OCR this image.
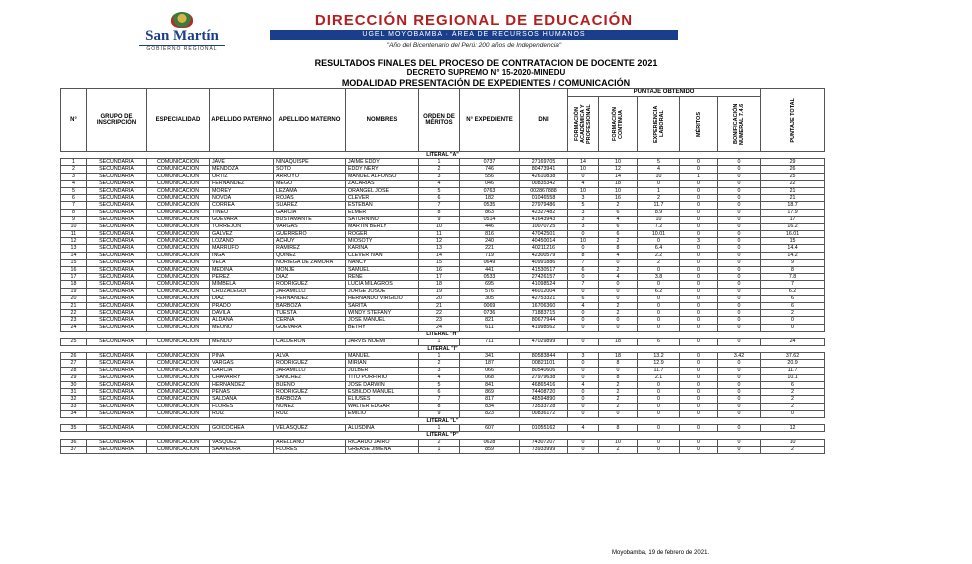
San Martín
GOBIERNO REGIONAL
DIRECCIÓN REGIONAL DE EDUCACIÓN
UGEL MOYOBAMBA · ÁREA DE RECURSOS HUMANOS
"Año del Bicentenario del Perú: 200 años de Independencia"
RESULTADOS FINALES DEL PROCESO DE CONTRATACION DE DOCENTE 2021
DECRETO SUPREMO N° 15-2020-MINEDU
MODALIDAD PRESENTACIÓN DE EXPEDIENTES / COMUNICACIÓN
N°	GRUPO DE INSCRIPCIÓN	ESPECIALIDAD	APELLIDO PATERNO	APELLIDO MATERNO	NOMBRES	ORDEN DE MÉRITOS	N° EXPEDIENTE	DNI	PUNTAJE OBTENIDO					PUNTAJE TOTAL

									FORMACIÓN ACADÉMICA Y PROFESIONAL	FORMACIÓN CONTINUA	EXPERIENCIA LABORAL	MÉRITOS	BONIFICACIÓN NUMERAL 7.4.6	

LITERAL "A"														
1	SECUNDARIA	COMUNICACIÓN	JAVE	NINAQUISPE	JAIME EDDY	1	0737	27169705	14	10	5	0	0	29
2	SECUNDARIA	COMUNICACIÓN	MENDOZA	SOTO	EDDY NERY	2	746	80473941	10	12	4	0	0	26
3	SECUNDARIA	COMUNICACIÓN	ORTIZ	ARROYO	MANUEL ALFONSO	3	556	42610838	0	14	10	1	0	25
4	SECUNDARIA	COMUNICACIÓN	FERNANDEZ	MEGO	ZACARIAS	4	046	00835342	4	18	0	0	0	22
5	SECUNDARIA	COMUNICACIÓN	MOREY	LEZAMA	ORANGEL JOSE	5	0763	002867888	10	10	1	0	0	21
6	SECUNDARIA	COMUNICACIÓN	NOVOA	ROJAS	CLEVER	6	182	01046558	3	16	2	0	0	21
7	SECUNDARIA	COMUNICACIÓN	CORREA	SUAREZ	ESTEBAN	7	0535	27979486	5	2	11.7	0	0	18.7
8	SECUNDARIA	COMUNICACIÓN	TINEO	GARCIA	ELMER	8	863	42327482	3	6	8.9	0	0	17.9
9	SECUNDARIA	COMUNICACIÓN	GUEVARA	BUSTAMANTE	SATURNINO	9	0514	41643943	3	4	10	0	0	17
10	SECUNDARIA	COMUNICACIÓN	TORREJON	VARGAS	MARTIN BERLY	10	446	10070725	3	6	7.2	0	0	16.2
11	SECUNDARIA	COMUNICACIÓN	GALVEZ	GUERRERO	ROGER	11	816	47042501	0	6	10.01	0	0	16.01
12	SECUNDARIA	COMUNICACIÓN	LOZANO	ACHUY	MIOSOTY	12	240	40450014	10	2	0	3	0	15
13	SECUNDARIA	COMUNICACIÓN	MARRUFO	RAMIREZ	KARINA	13	221	40211216	0	8	6.4	0	0	14.4
14	SECUNDARIA	COMUNICACIÓN	INGA	QUIÑEZ	CLEVER IVAN	14	719	42300579	8	4	2.2	0	0	14.2
15	SECUNDARIA	COMUNICACIÓN	VELA	NORIEGA DE ZAMORA	NANCY	15	0649	40991886	7	0	2	0	0	9
16	SECUNDARIA	COMUNICACIÓN	MEDINA	MONJE	SAMUEL	16	441	41530517	6	2	0	0	0	8
17	SECUNDARIA	COMUNICACIÓN	PEREZ	DIAZ	RENE	17	0533	27426157	0	4	3.8	0	0	7.8
18	SECUNDARIA	COMUNICACIÓN	MIMBELA	RODRIGUEZ	LUCIA MILAGROS	18	695	41098524	7	0	0	0	0	7
19	SECUNDARIA	COMUNICACIÓN	CRUZALEGUI	JARAMILLO	JORGE JOSUE	19	576	46012004	0	0	6.2	0	0	6.2
20	SECUNDARIA	COMUNICACIÓN	DIAZ	FERNANDEZ	HERNANDO VIRGILIO	20	305	42753321	6	0	0	0	0	6
21	SECUNDARIA	COMUNICACIÓN	PRADO	BARBOZA	SARITA	21	0069	16706360	4	2	0	0	0	6
22	SECUNDARIA	COMUNICACIÓN	DAVILA	TUESTA	WINDY STEFANY	22	0736	71883715	0	2	0	0	0	2
23	SECUNDARIA	COMUNICACIÓN	ALDANA	CERNA	JOSE MANUEL	23	821	80677944	0	0	0	0	0	0
24	SECUNDARIA	COMUNICACIÓN	MEOÑO	GUEVARA	BETHY	24	611	41998562	0	0	0	0	0	0
LITERAL "H"														
25	SECUNDARIA	COMUNICACIÓN	MENDO	CALDERON	JARVIS NOEMI	1	711	47029899	0	18	6	0	0	24
LITERAL "I"														
26	SECUNDARIA	COMUNICACIÓN	PIÑA	ALVA	MANUEL	1	341	80583844	3	18	13.2	0	3.42	37.62
27	SECUNDARIA	COMUNICACIÓN	VARGAS	RODRIGUEZ	MIRIAN	2	187	00821101	0	8	12.9	0	0	20.9
28	SECUNDARIA	COMUNICACIÓN	GARCIA	JARAMILLO	JULBER	3	066	80540606	0	0	11.7	0	0	11.7
29	SECUNDARIA	COMUNICACIÓN	CHAVARRY	SANCHEZ	TITO PORFIRIO	4	068	27979638	0	8	2.1	0	0	10.1
30	SECUNDARIA	COMUNICACIÓN	HERNANDEZ	BUENO	JOSE DARWIN	5	841	46865416	4	2	0	0	0	6
31	SECUNDARIA	COMUNICACIÓN	PEÑAS	RODRIGUEZ	ESBILDO MANUEL	6	869	74408720	0	2	0	0	0	2
32	SECUNDARIA	COMUNICACIÓN	SALDAÑA	BARBOZA	ELIUSES	7	817	48594890	0	2	0	0	0	2
33	SECUNDARIA	COMUNICACIÓN	FLORES	NUÑEZ	WALTER EDGAR	8	834	73533728	0	2	0	0	0	2
34	SECUNDARIA	COMUNICACIÓN	RUIZ	RUIZ	EMILIO	9	823	00836172	0	0	0	0	0	0
LITERAL "L"														
35	SECUNDARIA	COMUNICACIÓN	GOICOCHEA	VELASQUEZ	ALUSDINA	1	607	01055162	4	8	0	0	0	12
LITERAL "P"														
36	SECUNDARIA	COMUNICACIÓN	VASQUEZ	ARELLANO	RICARDO JAIRO	2	0628	74307207	0	10	0	0	0	10
37	SECUNDARIA	COMUNICACIÓN	SAAVEDRA	FLORES	GREASE JIMENA	1	859	73933999	0	2	0	0	0	2
Moyobamba, 19 de febrero de 2021.
